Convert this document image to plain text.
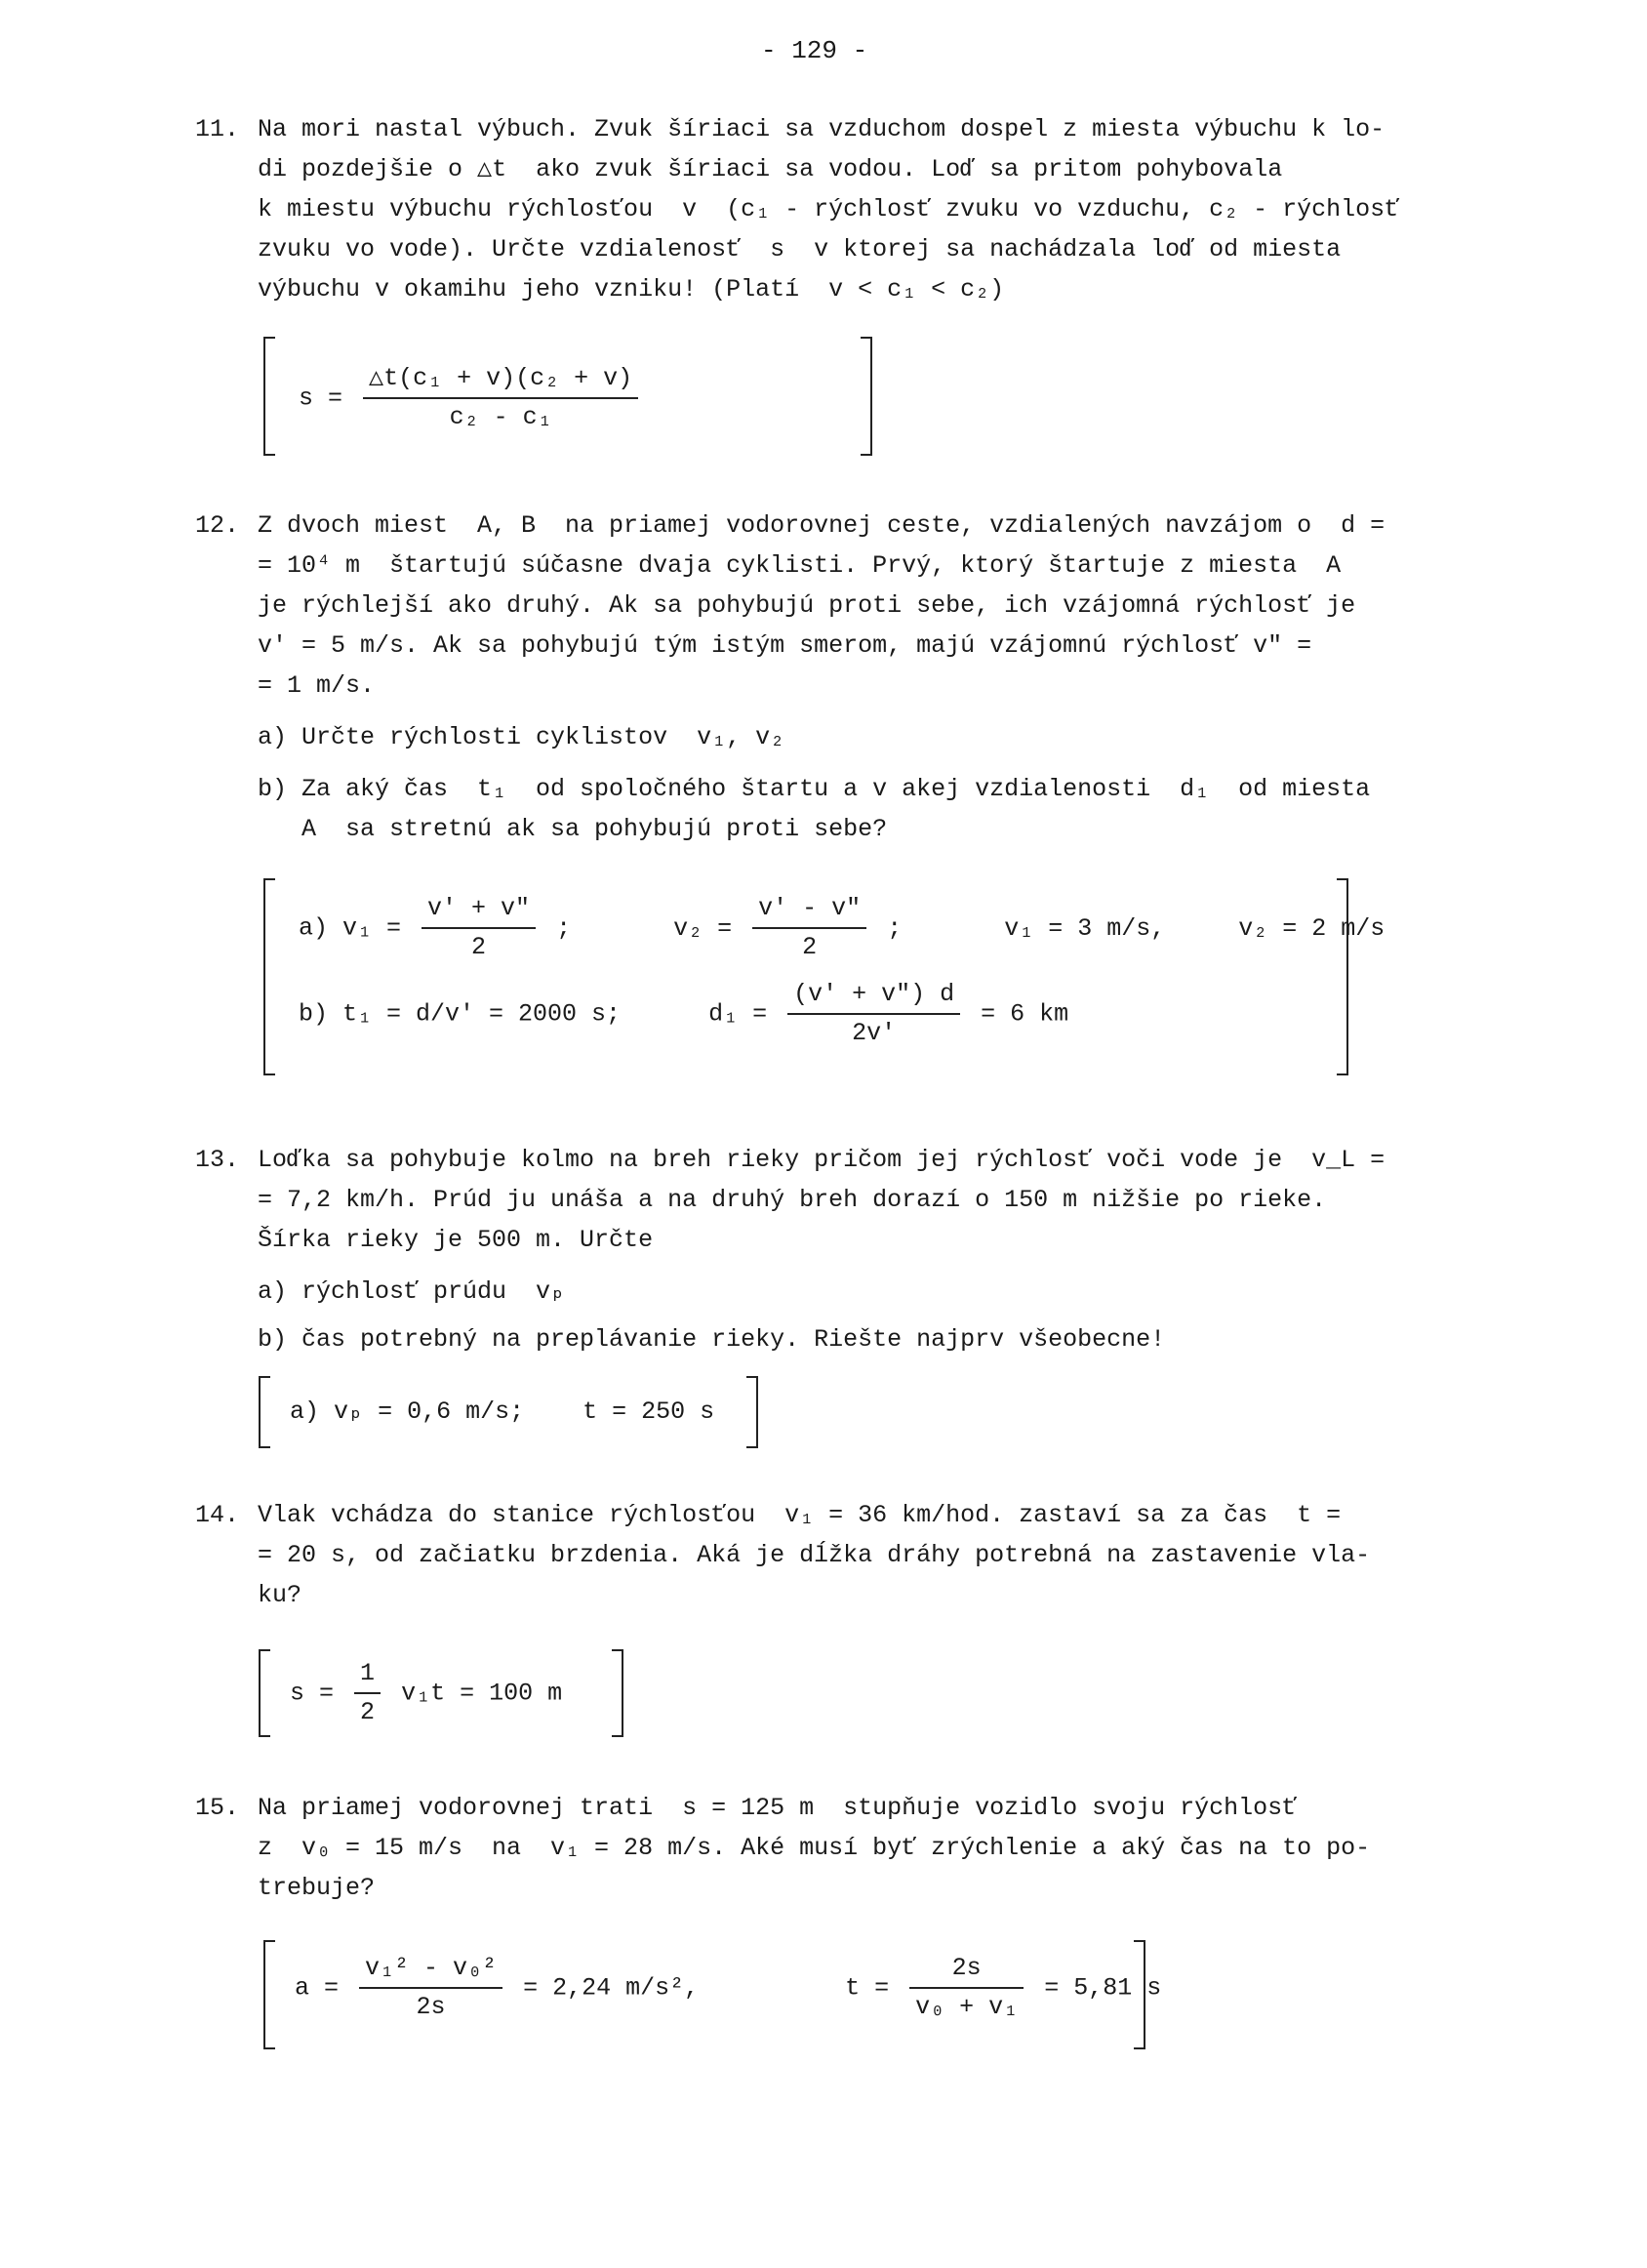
- 129 -
11. Na mori nastal výbuch. Zvuk šíriaci sa vzduchom dospel z miesta výbuchu k lo-
di pozdejšie o △t  ako zvuk šíriaci sa vodou. Loď sa pritom pohybovala
k miestu výbuchu rýchlosťou  v  (c₁ - rýchlosť zvuku vo vzduchu, c₂ - rýchlosť
zvuku vo vode). Určte vzdialenosť  s  v ktorej sa nachádzala loď od miesta
výbuchu v okamihu jeho vzniku! (Platí  v < c₁ < c₂)
$s = \frac{\text{△t(c₁ + v)(c₂ + v)}}{\text{c₂ - c₁}}$
12. Z dvoch miest  A, B  na priamej vodorovnej ceste, vzdialených navzájom o  d =
= 10⁴ m  štartujú súčasne dvaja cyklisti. Prvý, ktorý štartuje z miesta  A
je rýchlejší ako druhý. Ak sa pohybujú proti sebe, ich vzájomná rýchlosť je
v′ = 5 m/s. Ak sa pohybujú tým istým smerom, majú vzájomnú rýchlosť v″ =
= 1 m/s.
a) Určte rýchlosti cyklistov  v₁, v₂
b) Za aký čas  t₁  od spoločného štartu a v akej vzdialenosti  d₁  od miesta
A  sa stretnú ak sa pohybujú proti sebe?
a) $v_1 = \frac{v' + v''}{2}$ ;       $v_2 = \frac{v' - v''}{2}$ ;       v₁ = 3 m/s,     v₂ = 2 m/s
b) t₁ = d/v′ = 2000 s;      $d_1 = \frac{(v' + v'') d}{2v'} = 6$ km
13. Loďka sa pohybuje kolmo na breh rieky pričom jej rýchlosť voči vode je  v_L =
= 7,2 km/h. Prúd ju unáša a na druhý breh dorazí o 150 m nižšie po rieke.
Šírka rieky je 500 m. Určte
a) rýchlosť prúdu  vₚ
b) čas potrebný na preplávanie rieky. Riešte najprv všeobecne!
a) vₚ = 0,6 m/s;    t = 250 s
14. Vlak vchádza do stanice rýchlosťou  v₁ = 36 km/hod. zastaví sa za čas  t =
= 20 s, od začiatku brzdenia. Aká je dĺžka dráhy potrebná na zastavenie vla-
ku?
$s = \frac{1}{2} v_1t = 100$ m
15. Na priamej vodorovnej trati  s = 125 m  stupňuje vozidlo svoju rýchlosť
z  v₀ = 15 m/s  na  v₁ = 28 m/s. Aké musí byť zrýchlenie a aký čas na to po-
trebuje?
$a = \frac{\text{v₁² - v₀²}}{2s} = 2,24$ m/s²,          $t = \frac{2s}{\text{v₀ + v₁}} = 5,81$ s
